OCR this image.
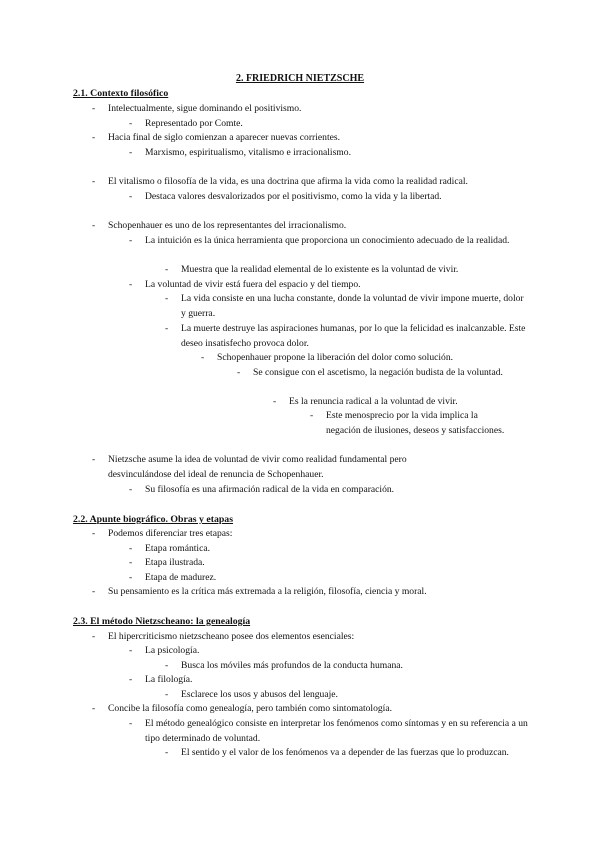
2. FRIEDRICH NIETZSCHE
2.1. Contexto filosófico
- Intelectualmente, sigue dominando el positivismo.
- Representado por Comte.
- Hacia final de siglo comienzan a aparecer nuevas corrientes.
- Marxismo, espiritualismo, vitalismo e irracionalismo.
- El vitalismo o filosofía de la vida, es una doctrina que afirma la vida como la realidad radical.
- Destaca valores desvalorizados por el positivismo, como la vida y la libertad.
- Schopenhauer es uno de los representantes del irracionalismo.
- La intuición es la única herramienta que proporciona un conocimiento adecuado de la realidad.
- Muestra que la realidad elemental de lo existente es la voluntad de vivir.
- La voluntad de vivir está fuera del espacio y del tiempo.
- La vida consiste en una lucha constante, donde la voluntad de vivir impone muerte, dolor y guerra.
- La muerte destruye las aspiraciones humanas, por lo que la felicidad es inalcanzable. Este deseo insatisfecho provoca dolor.
- Schopenhauer propone la liberación del dolor como solución.
- Se consigue con el ascetismo, la negación budista de la voluntad.
- Es la renuncia radical a la voluntad de vivir.
- Este menosprecio por la vida implica la negación de ilusiones, deseos y satisfacciones.
- Nietzsche asume la idea de voluntad de vivir como realidad fundamental pero desvinculándose del ideal de renuncia de Schopenhauer.
- Su filosofía es una afirmación radical de la vida en comparación.
2.2. Apunte biográfico. Obras y etapas
- Podemos diferenciar tres etapas:
- Etapa romántica.
- Etapa ilustrada.
- Etapa de madurez.
- Su pensamiento es la crítica más extremada a la religión, filosofía, ciencia y moral.
2.3. El método Nietzscheano: la genealogía
- El hipercriticismo nietzscheano posee dos elementos esenciales:
- La psicología.
- Busca los móviles más profundos de la conducta humana.
- La filología.
- Esclarece los usos y abusos del lenguaje.
- Concibe la filosofía como genealogía, pero también como sintomatología.
- El método genealógico consiste en interpretar los fenómenos como síntomas y en su referencia a un tipo determinado de voluntad.
- El sentido y el valor de los fenómenos va a depender de las fuerzas que lo produzcan.
